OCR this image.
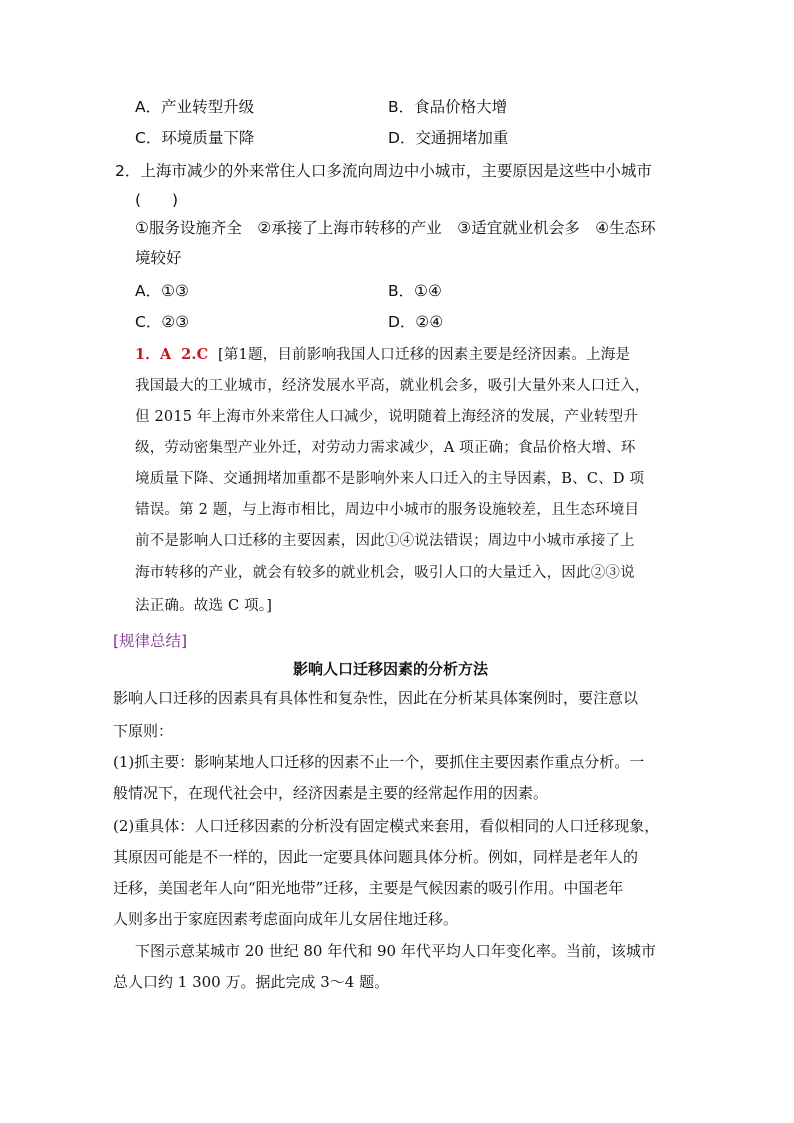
A．产业转型升级	B．食品价格大增
C．环境质量下降	D．交通拥堵加重
2．上海市减少的外来常住人口多流向周边中小城市，主要原因是这些中小城市
(　　)
①服务设施齐全　②承接了上海市转移的产业　③适宜就业机会多　④生态环
境较好
A．①③	B．①④
C．②③	D．②④
1．A 2.C [第1题，目前影响我国人口迁移的因素主要是经济因素。上海是
我国最大的工业城市，经济发展水平高，就业机会多，吸引大量外来人口迁入，
但 2015 年上海市外来常住人口减少，说明随着上海经济的发展，产业转型升
级，劳动密集型产业外迁，对劳动力需求减少，A 项正确；食品价格大增、环
境质量下降、交通拥堵加重都不是影响外来人口迁入的主导因素，B、C、D 项
错误。第 2 题，与上海市相比，周边中小城市的服务设施较差，且生态环境目
前不是影响人口迁移的主要因素，因此①④说法错误；周边中小城市承接了上
海市转移的产业，就会有较多的就业机会，吸引人口的大量迁入，因此②③说
法正确。故选 C 项。]
[规律总结]
影响人口迁移因素的分析方法
影响人口迁移的因素具有具体性和复杂性，因此在分析某具体案例时，要注意以
下原则：
(1)抓主要：影响某地人口迁移的因素不止一个，要抓住主要因素作重点分析。一
般情况下，在现代社会中，经济因素是主要的经常起作用的因素。
(2)重具体：人口迁移因素的分析没有固定模式来套用，看似相同的人口迁移现象，
其原因可能是不一样的，因此一定要具体问题具体分析。例如，同样是老年人的
迁移，美国老年人向“阳光地带”迁移，主要是气候因素的吸引作用。中国老年
人则多出于家庭因素考虑面向成年儿女居住地迁移。
下图示意某城市 20 世纪 80 年代和 90 年代平均人口年变化率。当前，该城市
总人口约 1 300 万。据此完成 3～4 题。
